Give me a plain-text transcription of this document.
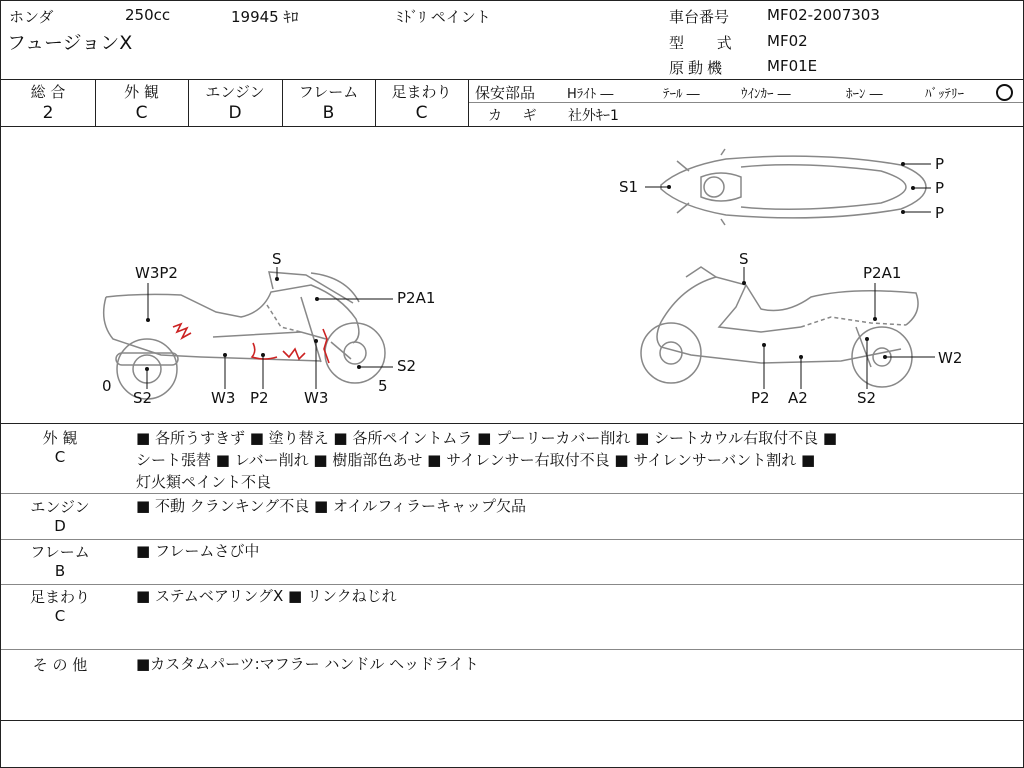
ホンダ	250cc	19945 ｷﾛ	ﾐﾄﾞﾘ ペイント
フュージョンX
車台番号	MF02-2007303
型 式 MF02
原動機	MF01E
総 合
2
外 観
C
エンジン
D
フレーム
B
足まわり
C
保安部品 Hﾗｲﾄ ―	ﾃｰﾙ ―	ｳｲﾝｶｰ ―	ﾎｰﾝ ―	ﾊﾞｯﾃﾘｰ
カ ギ 社外ｷｰ1
W3P2
S
P2A1
S2
0	5
S2	W3 P2 W3
S
P2A1
W2
P2 A2	S2
S1
P
P
P
外 観
C
■ 各所うすきず ■ 塗り替え ■ 各所ペイントムラ ■ プーリーカバー削れ ■ シートカウル右取付不良 ■
シート張替 ■ レバー削れ ■ 樹脂部色あせ ■ サイレンサー右取付不良 ■ サイレンサーバント割れ ■
灯火類ペイント不良
エンジン
D
■ 不動 クランキング不良 ■ オイルフィラーキャップ欠品
フレーム
B
■ フレームさび中
足まわり
C
■ ステムベアリングX ■ リンクねじれ
そ の 他	■カスタムパーツ:マフラー ハンドル ヘッドライト
